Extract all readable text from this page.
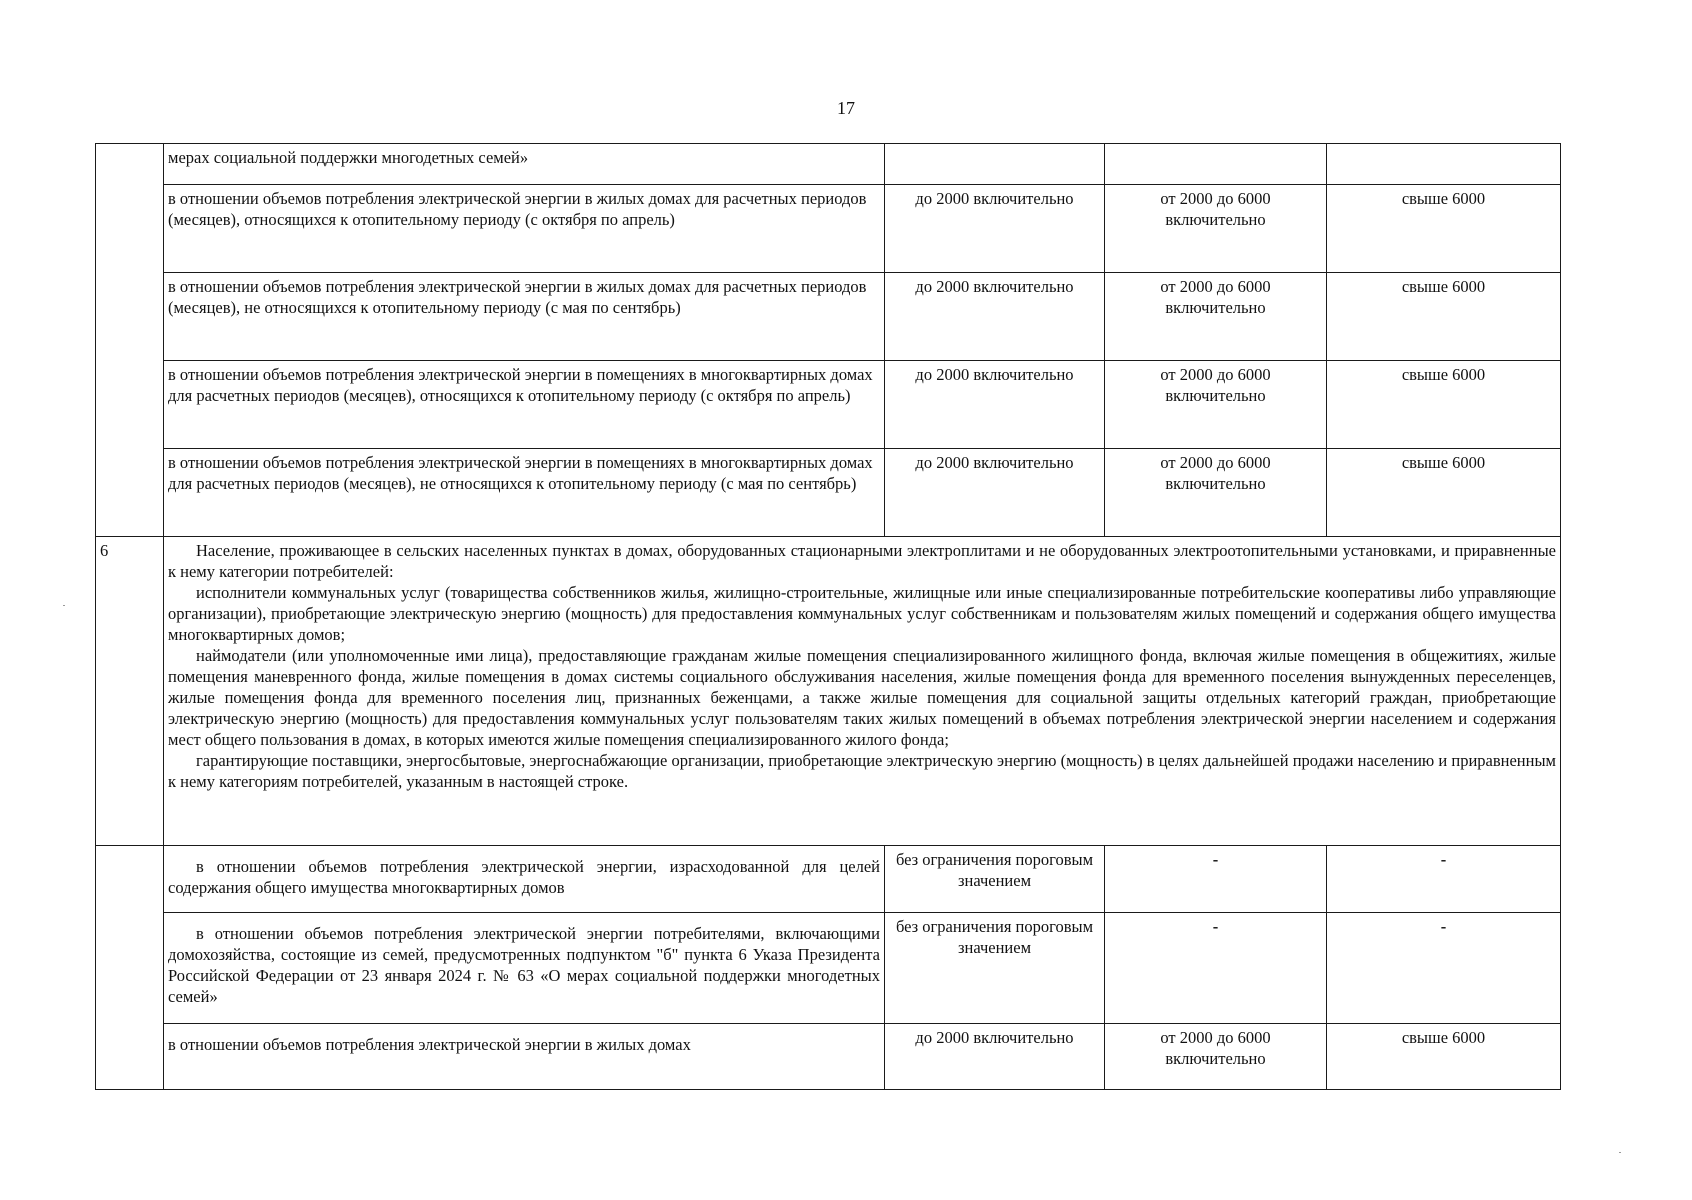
17
	мерах социальной поддержки многодетных семей»			
	в отношении объемов потребления электрической энергии в жилых домах для расчетных периодов (месяцев), относящихся к отопительному периоду (с октября по апрель)	до 2000 включительно	от 2000 до 6000 включительно	свыше 6000
	в отношении объемов потребления электрической энергии в жилых домах для расчетных периодов (месяцев), не относящихся к отопительному периоду (с мая по сентябрь)	до 2000 включительно	от 2000 до 6000 включительно	свыше 6000
	в отношении объемов потребления электрической энергии в помещениях в многоквартирных домах для расчетных периодов (месяцев), относящихся к отопительному периоду (с октября по апрель)	до 2000 включительно	от 2000 до 6000 включительно	свыше 6000
	в отношении объемов потребления электрической энергии в помещениях в многоквартирных домах для расчетных периодов (месяцев), не относящихся к отопительному периоду (с мая по сентябрь)	до 2000 включительно	от 2000 до 6000 включительно	свыше 6000
6	Население, проживающее в сельских населенных пунктах в домах, оборудованных стационарными электроплитами и не оборудованных электроотопительными установками, и приравненные к нему категории потребителей:

исполнители коммунальных услуг (товарищества собственников жилья, жилищно-строительные, жилищные или иные специализированные потребительские кооперативы либо управляющие организации), приобретающие электрическую энергию (мощность) для предоставления коммунальных услуг собственникам и пользователям жилых помещений и содержания общего имущества многоквартирных домов;

наймодатели (или уполномоченные ими лица), предоставляющие гражданам жилые помещения специализированного жилищного фонда, включая жилые помещения в общежитиях, жилые помещения маневренного фонда, жилые помещения в домах системы социального обслуживания населения, жилые помещения фонда для временного поселения вынужденных переселенцев, жилые помещения фонда для временного поселения лиц, признанных беженцами, а также жилые помещения для социальной защиты отдельных категорий граждан, приобретающие электрическую энергию (мощность) для предоставления коммунальных услуг пользователям таких жилых помещений в объемах потребления электрической энергии населением и содержания мест общего пользования в домах, в которых имеются жилые помещения специализированного жилого фонда;

гарантирующие поставщики, энергосбытовые, энергоснабжающие организации, приобретающие электрическую энергию (мощность) в целях дальнейшей продажи населению и приравненным к нему категориям потребителей, указанным в настоящей строке.			

	в отношении объемов потребления электрической энергии, израсходованной для целей содержания общего имущества многоквартирных домов	без ограничения пороговым значением	-	-
	в отношении объемов потребления электрической энергии потребителями, включающими домохозяйства, состоящие из семей, предусмотренных подпунктом "б" пункта 6 Указа Президента Российской Федерации от 23 января 2024 г. № 63 «О мерах социальной поддержки многодетных семей»	без ограничения пороговым значением	-	-
	в отношении объемов потребления электрической энергии в жилых домах	до 2000 включительно	от 2000 до 6000 включительно	свыше 6000
